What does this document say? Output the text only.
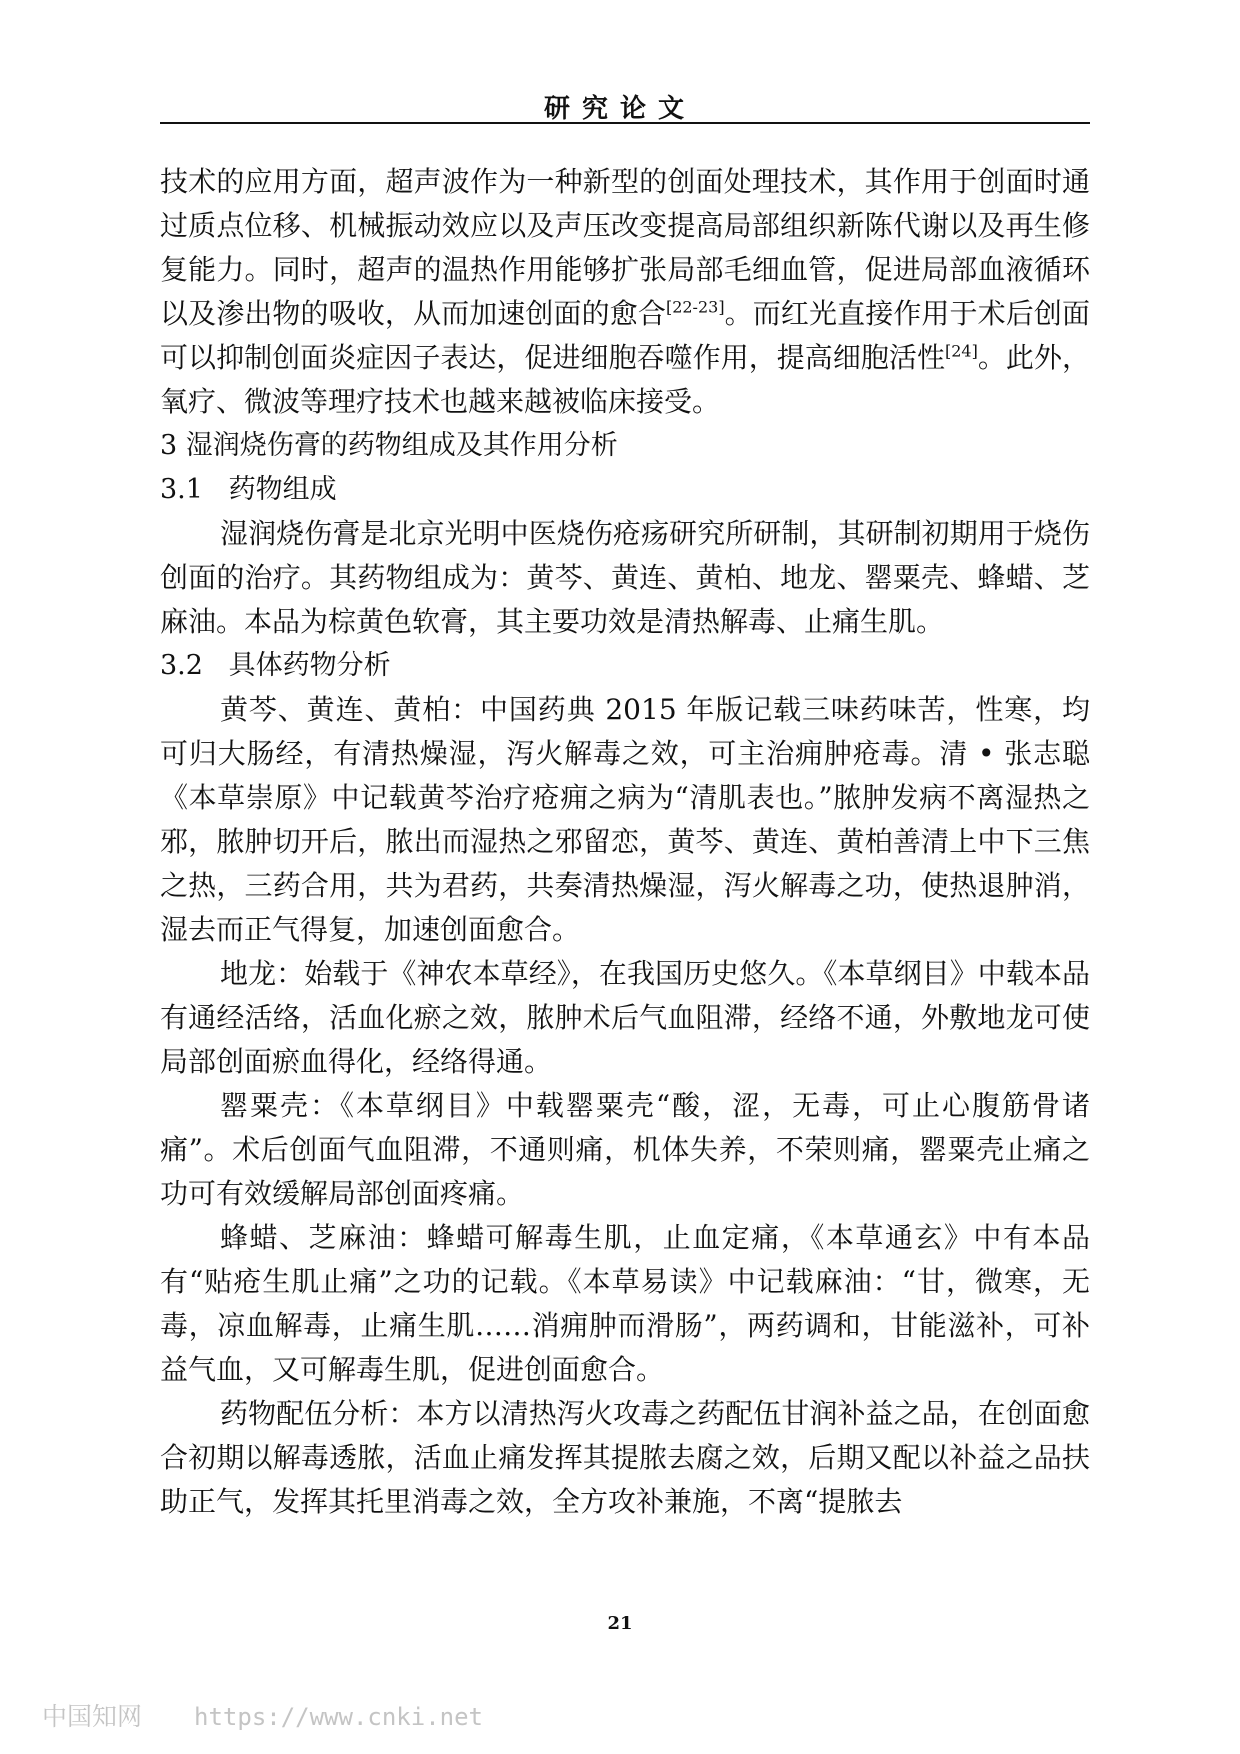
研究论文

技术的应用方面，超声波作为一种新型的创面处理技术，其作用于创面时通过质点位移、机械振动效应以及声压改变提高局部组织新陈代谢以及再生修复能力。同时，超声的温热作用能够扩张局部毛细血管，促进局部血液循环以及渗出物的吸收，从而加速创面的愈合[22-23]。而红光直接作用于术后创面可以抑制创面炎症因子表达，促进细胞吞噬作用，提高细胞活性[24]。此外，氧疗、微波等理疗技术也越来越被临床接受。

3 湿润烧伤膏的药物组成及其作用分析

3.1   药物组成

湿润烧伤膏是北京光明中医烧伤疮疡研究所研制，其研制初期用于烧伤创面的治疗。其药物组成为：黄芩、黄连、黄柏、地龙、罂粟壳、蜂蜡、芝麻油。本品为棕黄色软膏，其主要功效是清热解毒、止痛生肌。

3.2   具体药物分析

黄芩、黄连、黄柏：中国药典 2015 年版记载三味药味苦，性寒，均可归大肠经，有清热燥湿，泻火解毒之效，可主治痈肿疮毒。清 • 张志聪《本草崇原》中记载黄芩治疗疮痈之病为“清肌表也。”脓肿发病不离湿热之邪，脓肿切开后，脓出而湿热之邪留恋，黄芩、黄连、黄柏善清上中下三焦之热，三药合用，共为君药，共奏清热燥湿，泻火解毒之功，使热退肿消，湿去而正气得复，加速创面愈合。

地龙：始载于《神农本草经》，在我国历史悠久。《本草纲目》中载本品有通经活络，活血化瘀之效，脓肿术后气血阻滞，经络不通，外敷地龙可使局部创面瘀血得化，经络得通。

罂粟壳：《本草纲目》中载罂粟壳“酸，涩，无毒，可止心腹筋骨诸痛”。术后创面气血阻滞，不通则痛，机体失养，不荣则痛，罂粟壳止痛之功可有效缓解局部创面疼痛。

蜂蜡、芝麻油：蜂蜡可解毒生肌，止血定痛，《本草通玄》中有本品有“贴疮生肌止痛”之功的记载。《本草易读》中记载麻油：“甘，微寒，无毒，凉血解毒，止痛生肌……消痈肿而滑肠”，两药调和，甘能滋补，可补益气血，又可解毒生肌，促进创面愈合。

药物配伍分析：本方以清热泻火攻毒之药配伍甘润补益之品，在创面愈合初期以解毒透脓，活血止痛发挥其提脓去腐之效，后期又配以补益之品扶助正气，发挥其托里消毒之效，全方攻补兼施，不离“提脓去

21
中国知网 https://www.cnki.net
